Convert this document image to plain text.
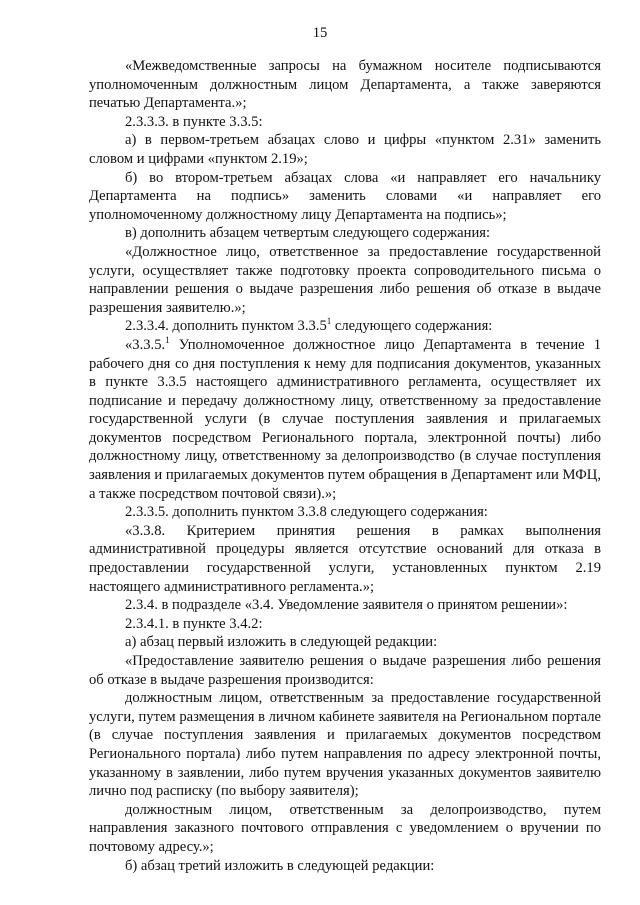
15

«Межведомственные запросы на бумажном носителе подписываются уполномоченным должностным лицом Департамента, а также заверяются печатью Департамента.»;

2.3.3.3. в пункте 3.3.5:

а) в первом-третьем абзацах слово и цифры «пунктом 2.31» заменить словом и цифрами «пунктом 2.19»;

б) во втором-третьем абзацах слова «и направляет его начальнику Департамента на подпись» заменить словами «и направляет его уполномоченному должностному лицу Департамента на подпись»;

в) дополнить абзацем четвертым следующего содержания:

«Должностное лицо, ответственное за предоставление государственной услуги, осуществляет также подготовку проекта сопроводительного письма о направлении решения о выдаче разрешения либо решения об отказе в выдаче разрешения заявителю.»;

2.3.3.4. дополнить пунктом 3.3.5$^1$ следующего содержания:

«3.3.5.$^1$ Уполномоченное должностное лицо Департамента в течение 1 рабочего дня со дня поступления к нему для подписания документов, указанных в пункте 3.3.5 настоящего административного регламента, осуществляет их подписание и передачу должностному лицу, ответственному за предоставление государственной услуги (в случае поступления заявления и прилагаемых документов посредством Регионального портала, электронной почты) либо должностному лицу, ответственному за делопроизводство (в случае поступления заявления и прилагаемых документов путем обращения в Департамент или МФЦ, а также посредством почтовой связи).»;

2.3.3.5. дополнить пунктом 3.3.8 следующего содержания:

«3.3.8. Критерием принятия решения в рамках выполнения административной процедуры является отсутствие оснований для отказа в предоставлении государственной услуги, установленных пунктом 2.19 настоящего административного регламента.»;

2.3.4. в подразделе «3.4. Уведомление заявителя о принятом решении»:

2.3.4.1. в пункте 3.4.2:

а) абзац первый изложить в следующей редакции:

«Предоставление заявителю решения о выдаче разрешения либо решения об отказе в выдаче разрешения производится:

должностным лицом, ответственным за предоставление государственной услуги, путем размещения в личном кабинете заявителя на Региональном портале (в случае поступления заявления и прилагаемых документов посредством Регионального портала) либо путем направления по адресу электронной почты, указанному в заявлении, либо путем вручения указанных документов заявителю лично под расписку (по выбору заявителя);

должностным лицом, ответственным за делопроизводство, путем направления заказного почтового отправления с уведомлением о вручении по почтовому адресу.»;

б) абзац третий изложить в следующей редакции:
